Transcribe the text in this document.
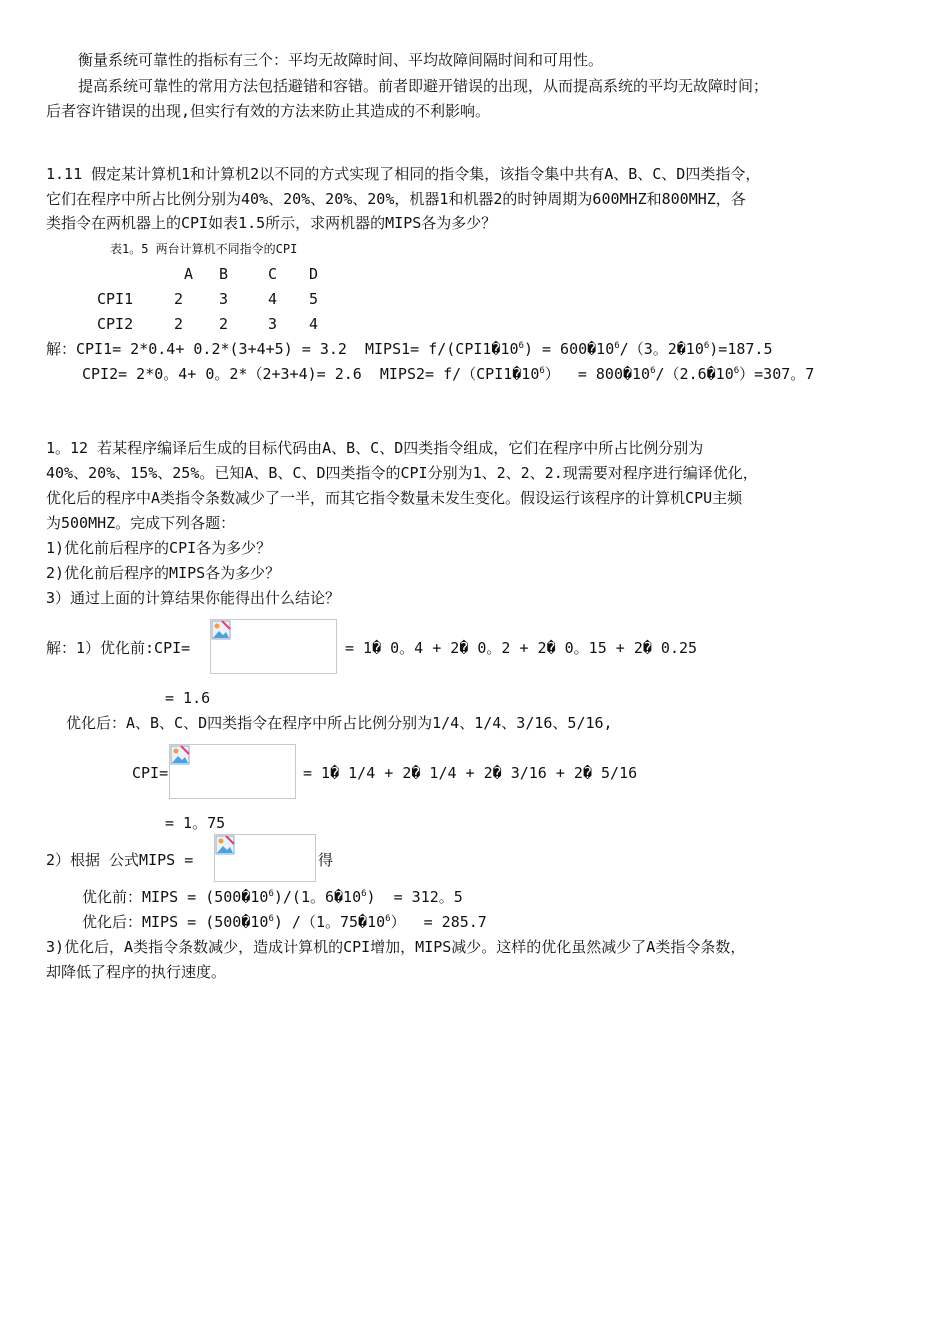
衡量系统可靠性的指标有三个：平均无故障时间、平均故障间隔时间和可用性。
提高系统可靠性的常用方法包括避错和容错。前者即避开错误的出现，从而提高系统的平均无故障时间；
后者容许错误的出现,但实行有效的方法来防止其造成的不利影响。
1.11 假定某计算机1和计算机2以不同的方式实现了相同的指令集，该指令集中共有A、B、C、D四类指令，
它们在程序中所占比例分别为40%、20%、20%、20%，机器1和机器2的时钟周期为600MHZ和800MHZ，各
类指令在两机器上的CPI如表1.5所示，求两机器的MIPS各为多少？
表1。5 两台计算机不同指令的CPI
A B	C D
CPI1	2 3	4 5
CPI2	2 2	3 4
解：CPI1= 2*0.4+ 0.2*(3+4+5) = 3.2  MIPS1= $f/(CPI1�10^6)$ = $600�10^6/(3$。$2�10^6)=187.5$
CPI2= 2*0。4+ 0。2*（2+3+4)= 2.6  MIPS2= $f/(CPI1�10^6)$  = $800�10^6/(2.6�10^6)=307$。7
1。12 若某程序编译后生成的目标代码由A、B、C、D四类指令组成，它们在程序中所占比例分别为
40%、20%、15%、25%。已知A、B、C、D四类指令的CPI分别为1、2、2、2.现需要对程序进行编译优化，
优化后的程序中A类指令条数减少了一半，而其它指令数量未发生变化。假设运行该程序的计算机CPU主频
为500MHZ。完成下列各题：
1)优化前后程序的CPI各为多少？
2)优化前后程序的MIPS各为多少？
3）通过上面的计算结果你能得出什么结论？
解：1）优化前:CPI=	= 1� 0。4 + 2� 0。2 + 2� 0。15 + 2� 0.25
= 1.6
优化后：A、B、C、D四类指令在程序中所占比例分别为1/4、1/4、3/16、5/16,
CPI=	= 1� 1/4 + 2� 1/4 + 2� 3/16 + 2� 5/16
= 1。75
2）根据 公式MIPS =	得
优化前：MIPS = $(500�10^6)/(1$。$6�10^6) = 312$。5
优化后：MIPS = $(500�10^6)$ /（1。$75�10^6) = 285.7$
3)优化后，A类指令条数减少，造成计算机的CPI增加，MIPS减少。这样的优化虽然减少了A类指令条数，
却降低了程序的执行速度。
